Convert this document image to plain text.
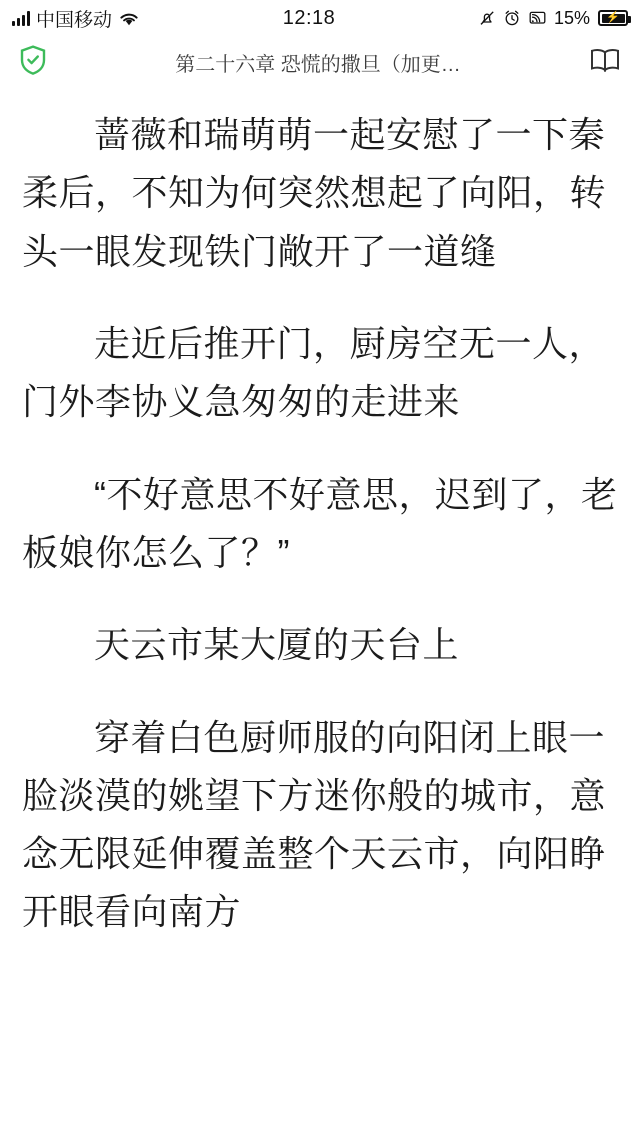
中国移动	12:18	15% ⚡
第二十六章 恐慌的撒旦（加更…

蔷薇和瑞萌萌一起安慰了一下秦柔后，不知为何突然想起了向阳，转头一眼发现铁门敞开了一道缝

走近后推开门，厨房空无一人，门外李协义急匆匆的走进来

“不好意思不好意思，迟到了，老板娘你怎么了？”

天云市某大厦的天台上

穿着白色厨师服的向阳闭上眼一脸淡漠的姚望下方迷你般的城市，意念无限延伸覆盖整个天云市，向阳睁开眼看向南方
